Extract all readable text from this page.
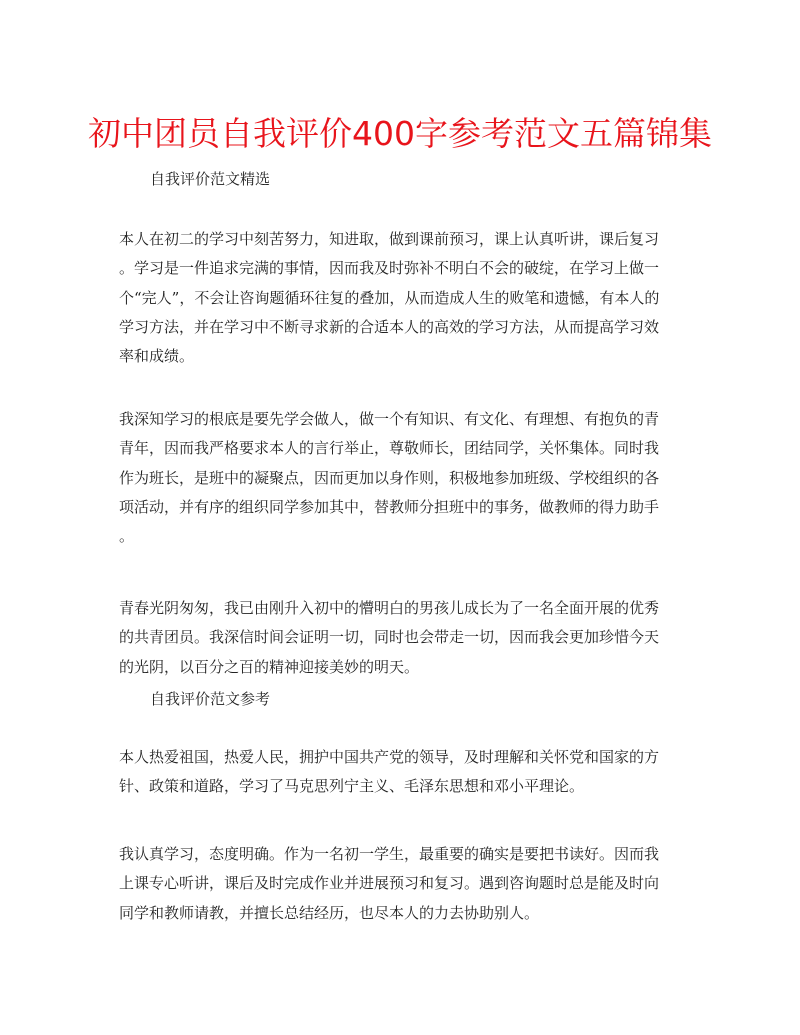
初中团员自我评价400字参考范文五篇锦集
自我评价范文精选
本人在初二的学习中刻苦努力，知进取，做到课前预习，课上认真听讲，课后复习
。学习是一件追求完满的事情，因而我及时弥补不明白不会的破绽，在学习上做一
个“完人”，不会让咨询题循环往复的叠加，从而造成人生的败笔和遗憾，有本人的
学习方法，并在学习中不断寻求新的合适本人的高效的学习方法，从而提高学习效
率和成绩。
我深知学习的根底是要先学会做人，做一个有知识、有文化、有理想、有抱负的青
青年，因而我严格要求本人的言行举止，尊敬师长，团结同学，关怀集体。同时我
作为班长，是班中的凝聚点，因而更加以身作则，积极地参加班级、学校组织的各
项活动，并有序的组织同学参加其中，替教师分担班中的事务，做教师的得力助手
。
青春光阴匆匆，我已由刚升入初中的懵明白的男孩儿成长为了一名全面开展的优秀
的共青团员。我深信时间会证明一切，同时也会带走一切，因而我会更加珍惜今天
的光阴，以百分之百的精神迎接美妙的明天。
自我评价范文参考
本人热爱祖国，热爱人民，拥护中国共产党的领导，及时理解和关怀党和国家的方
针、政策和道路，学习了马克思列宁主义、毛泽东思想和邓小平理论。
我认真学习，态度明确。作为一名初一学生，最重要的确实是要把书读好。因而我
上课专心听讲，课后及时完成作业并进展预习和复习。遇到咨询题时总是能及时向
同学和教师请教，并擅长总结经历，也尽本人的力去协助别人。
